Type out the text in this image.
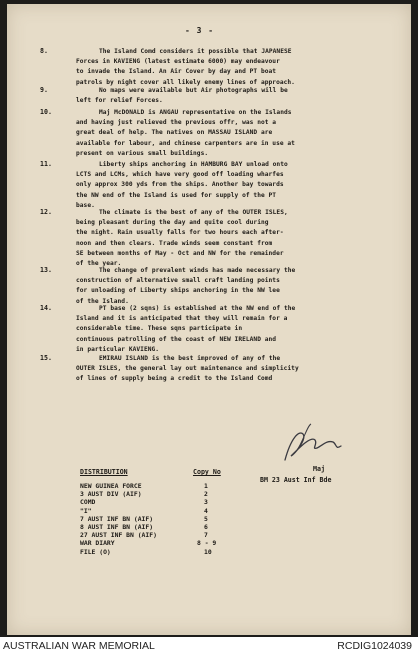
- 3 -
8.	The Island Comd considers it possible that JAPANESE
Forces in KAVIENG (latest estimate 6000) may endeavour
to invade the Island. An Air Cover by day and PT boat
patrols by night cover all likely enemy lines of approach.
9.	No maps were available but Air photographs will be
left for relief Forces.
10.	Maj McDONALD is ANGAU representative on the Islands
and having just relieved the previous offr, was not a
great deal of help. The natives on MASSAU ISLAND are
available for labour, and chinese carpenters are in use at
present on various small buildings.
11.	Liberty ships anchoring in HAMBURG BAY unload onto
LCTS and LCMs, which have very good off loading wharfes
only approx 300 yds from the ships. Another bay towards
the NW end of the Island is used for supply of the PT
base.
12.	The climate is the best of any of the OUTER ISLES,
being pleasant during the day and quite cool during
the night. Rain usually falls for two hours each after-
noon and then clears. Trade winds seem constant from
SE between months of May - Oct and NW for the remainder
of the year.
13.	The change of prevalent winds has made necessary the
construction of alternative small craft landing points
for unloading of Liberty ships anchoring in the NW lee
of the Island.
14.	PT base (2 sqns) is established at the NW end of the
Island and it is anticipated that they will remain for a
considerable time. These sqns participate in
continuous patrolling of the coast of NEW IRELAND and
in particular KAVIENG.
15.	EMIRAU ISLAND is the best improved of any of the
OUTER ISLES, the general lay out maintenance and simplicity
of lines of supply being a credit to the Island Comd
Maj
BM 23 Aust Inf Bde
DISTRIBUTION	Copy No
NEW GUINEA FORCE	1
3 AUST DIV (AIF)	2
COMD	3
"I"	4
7 AUST INF BN (AIF)	5
8 AUST INF BN (AIF)	6
27 AUST INF BN (AIF)	7
WAR DIARY	8 - 9
FILE (O)	10
AUSTRALIAN WAR MEMORIAL	RCDIG1024039
